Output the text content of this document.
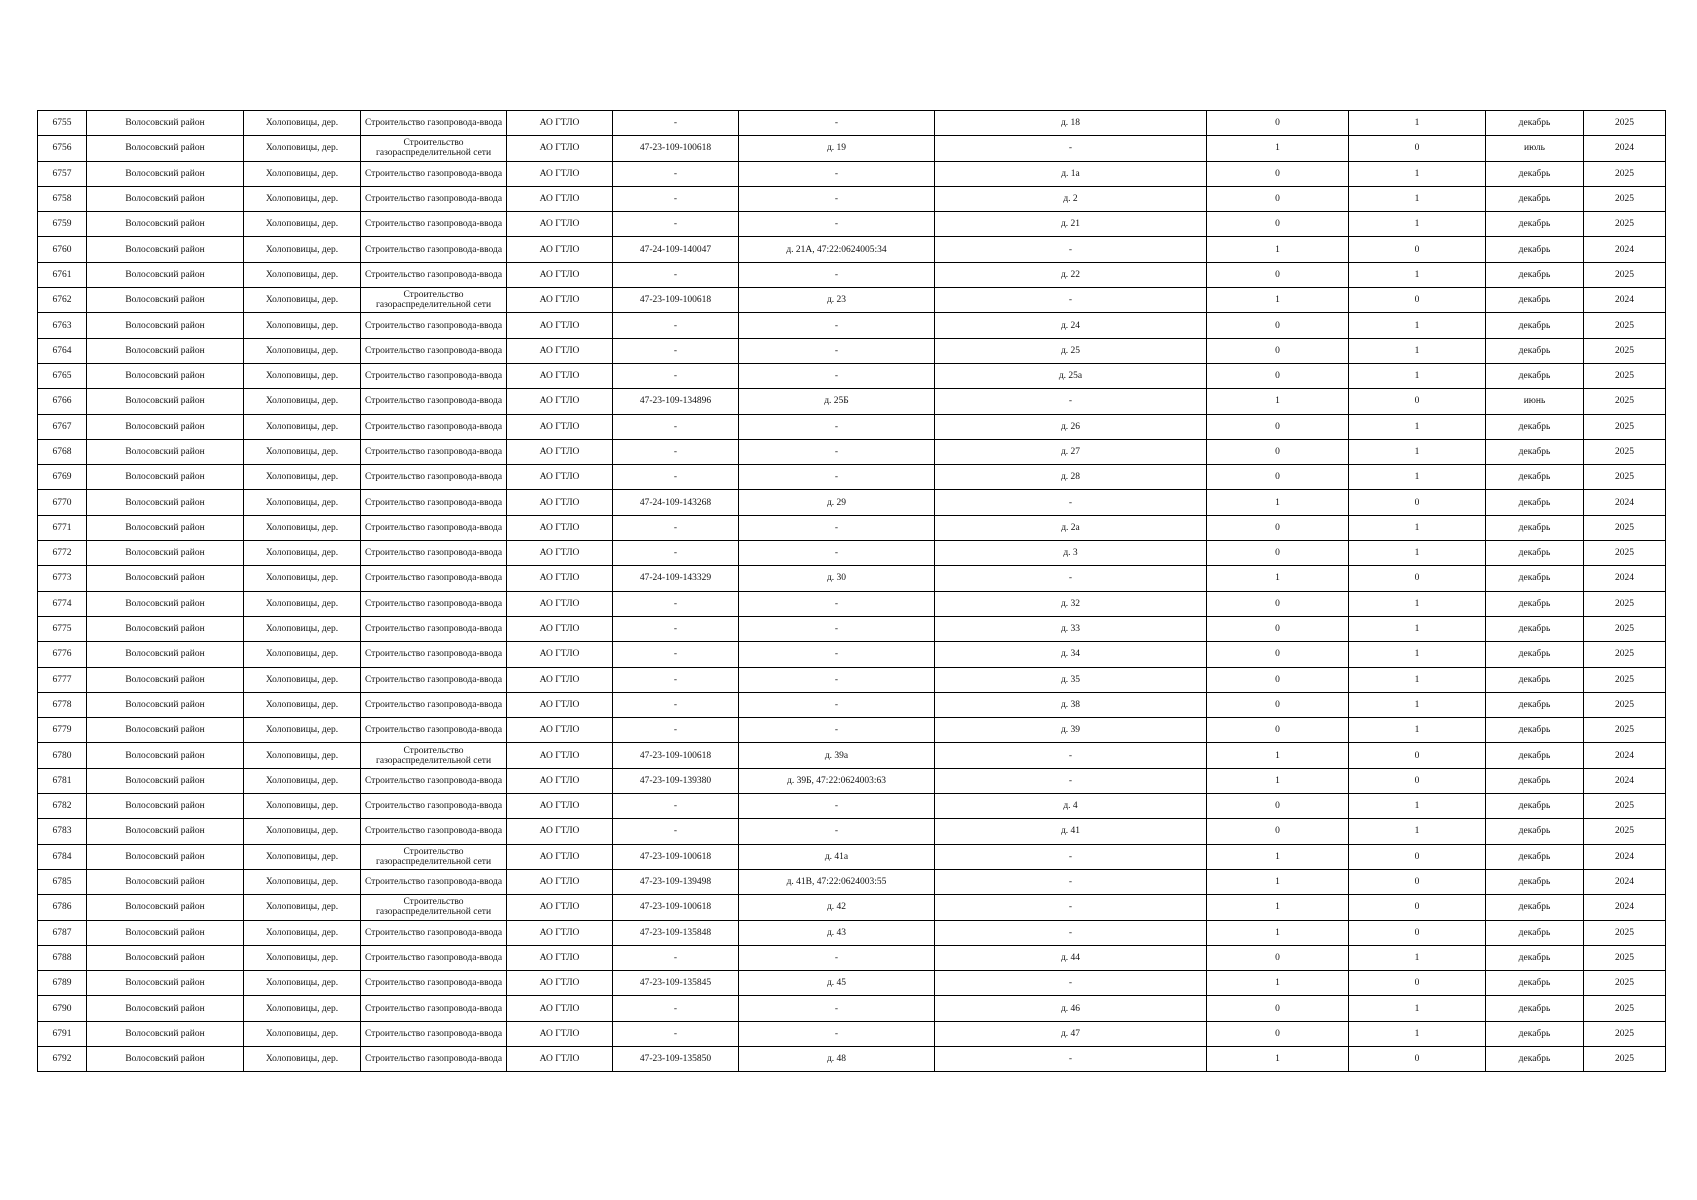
6755	Волосовский район	Холоповицы, дер.	Строительство газопровода-ввода	АО ГТЛО	-	-	д. 18	0	1	декабрь	2025
6756	Волосовский район	Холоповицы, дер.	Строительство газораспределительной сети	АО ГТЛО	47-23-109-100618	д. 19	-	1	0	июль	2024
6757	Волосовский район	Холоповицы, дер.	Строительство газопровода-ввода	АО ГТЛО	-	-	д. 1а	0	1	декабрь	2025
6758	Волосовский район	Холоповицы, дер.	Строительство газопровода-ввода	АО ГТЛО	-	-	д. 2	0	1	декабрь	2025
6759	Волосовский район	Холоповицы, дер.	Строительство газопровода-ввода	АО ГТЛО	-	-	д. 21	0	1	декабрь	2025
6760	Волосовский район	Холоповицы, дер.	Строительство газопровода-ввода	АО ГТЛО	47-24-109-140047	д. 21А, 47:22:0624005:34	-	1	0	декабрь	2024
6761	Волосовский район	Холоповицы, дер.	Строительство газопровода-ввода	АО ГТЛО	-	-	д. 22	0	1	декабрь	2025
6762	Волосовский район	Холоповицы, дер.	Строительство газораспределительной сети	АО ГТЛО	47-23-109-100618	д. 23	-	1	0	декабрь	2024
6763	Волосовский район	Холоповицы, дер.	Строительство газопровода-ввода	АО ГТЛО	-	-	д. 24	0	1	декабрь	2025
6764	Волосовский район	Холоповицы, дер.	Строительство газопровода-ввода	АО ГТЛО	-	-	д. 25	0	1	декабрь	2025
6765	Волосовский район	Холоповицы, дер.	Строительство газопровода-ввода	АО ГТЛО	-	-	д. 25а	0	1	декабрь	2025
6766	Волосовский район	Холоповицы, дер.	Строительство газопровода-ввода	АО ГТЛО	47-23-109-134896	д. 25Б	-	1	0	июнь	2025
6767	Волосовский район	Холоповицы, дер.	Строительство газопровода-ввода	АО ГТЛО	-	-	д. 26	0	1	декабрь	2025
6768	Волосовский район	Холоповицы, дер.	Строительство газопровода-ввода	АО ГТЛО	-	-	д. 27	0	1	декабрь	2025
6769	Волосовский район	Холоповицы, дер.	Строительство газопровода-ввода	АО ГТЛО	-	-	д. 28	0	1	декабрь	2025
6770	Волосовский район	Холоповицы, дер.	Строительство газопровода-ввода	АО ГТЛО	47-24-109-143268	д. 29	-	1	0	декабрь	2024
6771	Волосовский район	Холоповицы, дер.	Строительство газопровода-ввода	АО ГТЛО	-	-	д. 2а	0	1	декабрь	2025
6772	Волосовский район	Холоповицы, дер.	Строительство газопровода-ввода	АО ГТЛО	-	-	д. 3	0	1	декабрь	2025
6773	Волосовский район	Холоповицы, дер.	Строительство газопровода-ввода	АО ГТЛО	47-24-109-143329	д. 30	-	1	0	декабрь	2024
6774	Волосовский район	Холоповицы, дер.	Строительство газопровода-ввода	АО ГТЛО	-	-	д. 32	0	1	декабрь	2025
6775	Волосовский район	Холоповицы, дер.	Строительство газопровода-ввода	АО ГТЛО	-	-	д. 33	0	1	декабрь	2025
6776	Волосовский район	Холоповицы, дер.	Строительство газопровода-ввода	АО ГТЛО	-	-	д. 34	0	1	декабрь	2025
6777	Волосовский район	Холоповицы, дер.	Строительство газопровода-ввода	АО ГТЛО	-	-	д. 35	0	1	декабрь	2025
6778	Волосовский район	Холоповицы, дер.	Строительство газопровода-ввода	АО ГТЛО	-	-	д. 38	0	1	декабрь	2025
6779	Волосовский район	Холоповицы, дер.	Строительство газопровода-ввода	АО ГТЛО	-	-	д. 39	0	1	декабрь	2025
6780	Волосовский район	Холоповицы, дер.	Строительство газораспределительной сети	АО ГТЛО	47-23-109-100618	д. 39а	-	1	0	декабрь	2024
6781	Волосовский район	Холоповицы, дер.	Строительство газопровода-ввода	АО ГТЛО	47-23-109-139380	д. 39Б, 47:22:0624003:63	-	1	0	декабрь	2024
6782	Волосовский район	Холоповицы, дер.	Строительство газопровода-ввода	АО ГТЛО	-	-	д. 4	0	1	декабрь	2025
6783	Волосовский район	Холоповицы, дер.	Строительство газопровода-ввода	АО ГТЛО	-	-	д. 41	0	1	декабрь	2025
6784	Волосовский район	Холоповицы, дер.	Строительство газораспределительной сети	АО ГТЛО	47-23-109-100618	д. 41а	-	1	0	декабрь	2024
6785	Волосовский район	Холоповицы, дер.	Строительство газопровода-ввода	АО ГТЛО	47-23-109-139498	д. 41В, 47:22:0624003:55	-	1	0	декабрь	2024
6786	Волосовский район	Холоповицы, дер.	Строительство газораспределительной сети	АО ГТЛО	47-23-109-100618	д. 42	-	1	0	декабрь	2024
6787	Волосовский район	Холоповицы, дер.	Строительство газопровода-ввода	АО ГТЛО	47-23-109-135848	д. 43	-	1	0	декабрь	2025
6788	Волосовский район	Холоповицы, дер.	Строительство газопровода-ввода	АО ГТЛО	-	-	д. 44	0	1	декабрь	2025
6789	Волосовский район	Холоповицы, дер.	Строительство газопровода-ввода	АО ГТЛО	47-23-109-135845	д. 45	-	1	0	декабрь	2025
6790	Волосовский район	Холоповицы, дер.	Строительство газопровода-ввода	АО ГТЛО	-	-	д. 46	0	1	декабрь	2025
6791	Волосовский район	Холоповицы, дер.	Строительство газопровода-ввода	АО ГТЛО	-	-	д. 47	0	1	декабрь	2025
6792	Волосовский район	Холоповицы, дер.	Строительство газопровода-ввода	АО ГТЛО	47-23-109-135850	д. 48	-	1	0	декабрь	2025
